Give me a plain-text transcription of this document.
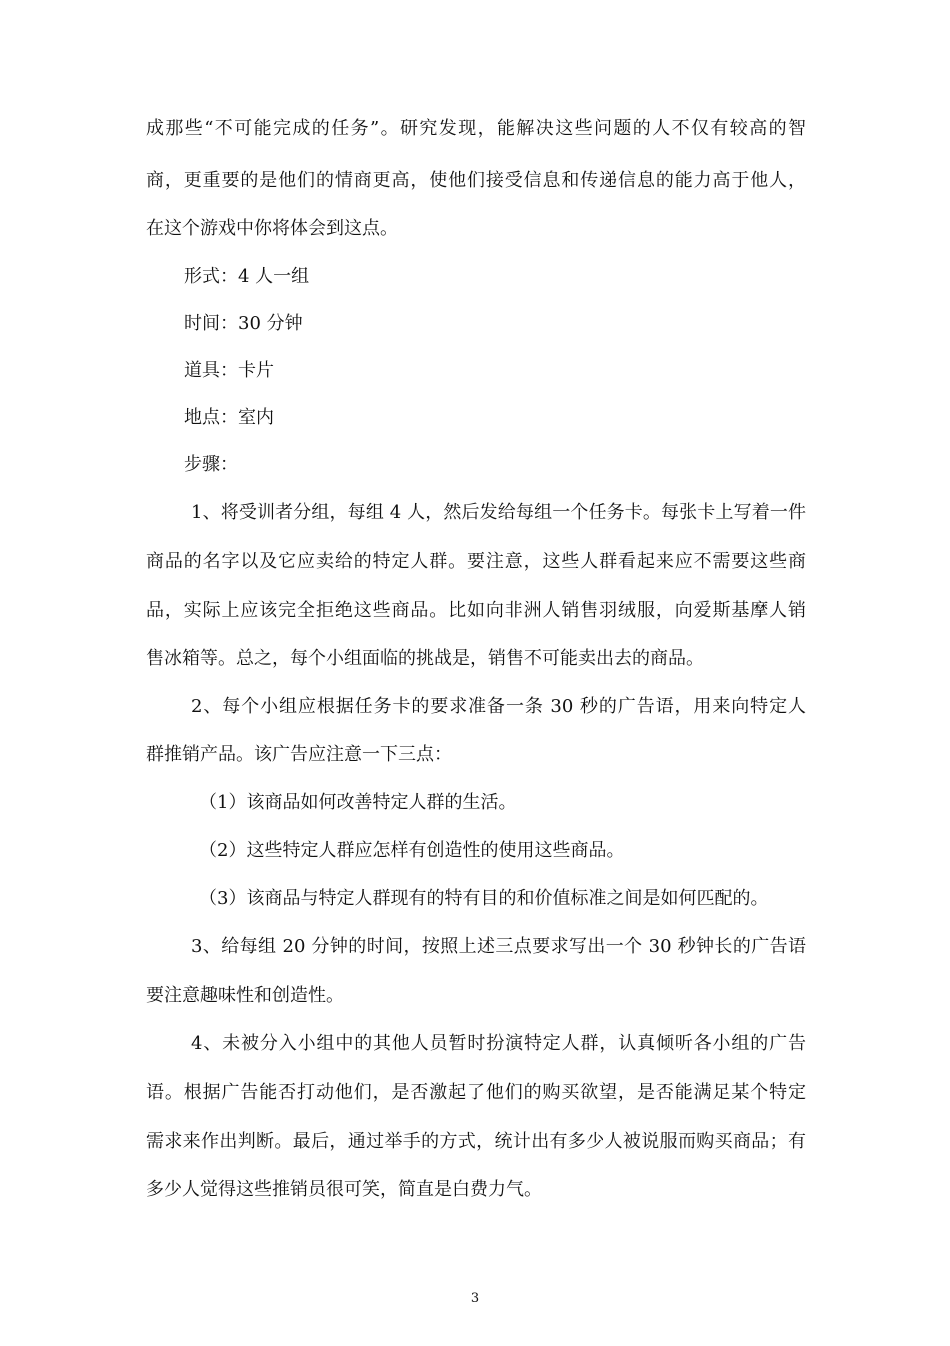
成那些“不可能完成的任务”。研究发现，能解决这些问题的人不仅有较高的智
商，更重要的是他们的情商更高，使他们接受信息和传递信息的能力高于他人，
在这个游戏中你将体会到这点。
形式：4 人一组
时间：30 分钟
道具：卡片
地点：室内
步骤：
1、将受训者分组，每组 4 人，然后发给每组一个任务卡。每张卡上写着一件
商品的名字以及它应卖给的特定人群。要注意，这些人群看起来应不需要这些商
品，实际上应该完全拒绝这些商品。比如向非洲人销售羽绒服，向爱斯基摩人销
售冰箱等。总之，每个小组面临的挑战是，销售不可能卖出去的商品。
2、每个小组应根据任务卡的要求准备一条 30 秒的广告语，用来向特定人
群推销产品。该广告应注意一下三点：
（1）该商品如何改善特定人群的生活。
（2）这些特定人群应怎样有创造性的使用这些商品。
（3）该商品与特定人群现有的特有目的和价值标准之间是如何匹配的。
3、给每组 20 分钟的时间，按照上述三点要求写出一个 30 秒钟长的广告语
要注意趣味性和创造性。
4、未被分入小组中的其他人员暂时扮演特定人群，认真倾听各小组的广告
语。根据广告能否打动他们，是否激起了他们的购买欲望，是否能满足某个特定
需求来作出判断。最后，通过举手的方式，统计出有多少人被说服而购买商品；有
多少人觉得这些推销员很可笑，简直是白费力气。
3
